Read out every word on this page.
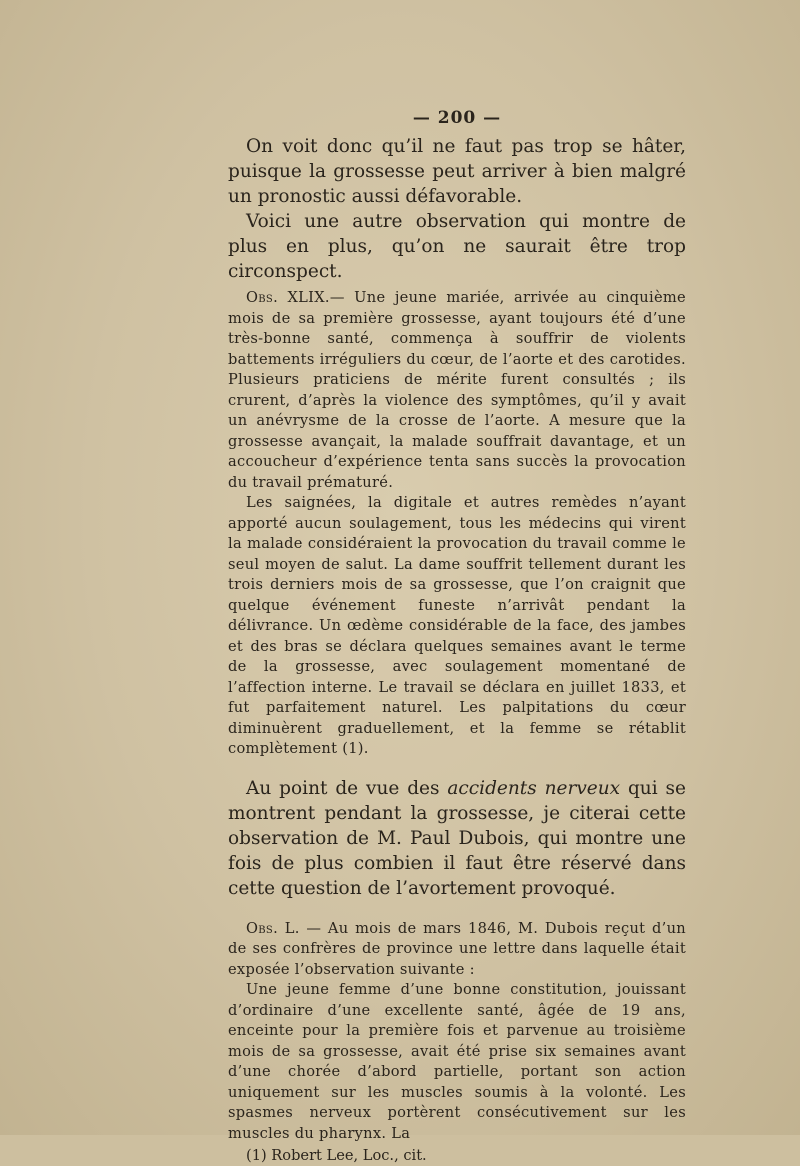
— 200 —

On voit donc qu’il ne faut pas trop se hâter, puisque la grossesse peut arriver à bien malgré un pronostic aussi défavorable.

Voici une autre observation qui montre de plus en plus, qu’on ne saurait être trop circonspect.

Obs. XLIX.— Une jeune mariée, arrivée au cinquième mois de sa première grossesse, ayant toujours été d’une très-bonne santé, commença à souffrir de violents battements irréguliers du cœur, de l’aorte et des carotides. Plusieurs praticiens de mérite furent consultés ; ils crurent, d’après la violence des symptômes, qu’il y avait un anévrysme de la crosse de l’aorte. A mesure que la grossesse avançait, la malade souffrait davantage, et un accoucheur d’expérience tenta sans succès la provocation du travail prématuré.

Les saignées, la digitale et autres remèdes n’ayant apporté aucun soulagement, tous les médecins qui virent la malade considéraient la provocation du travail comme le seul moyen de salut. La dame souffrit tellement durant les trois derniers mois de sa grossesse, que l’on craignit que quelque événement funeste n’arrivât pendant la délivrance. Un œdème considérable de la face, des jambes et des bras se déclara quelques semaines avant le terme de la grossesse, avec soulagement momentané de l’affection interne. Le travail se déclara en juillet 1833, et fut parfaitement naturel. Les palpitations du cœur diminuèrent graduellement, et la femme se rétablit complètement (1).

Au point de vue des accidents nerveux qui se montrent pendant la grossesse, je citerai cette observation de M. Paul Dubois, qui montre une fois de plus combien il faut être réservé dans cette question de l’avortement provoqué.

Obs. L. — Au mois de mars 1846, M. Dubois reçut d’un de ses confrères de province une lettre dans laquelle était exposée l’observation suivante :

Une jeune femme d’une bonne constitution, jouissant d’ordinaire d’une excellente santé, âgée de 19 ans, enceinte pour la première fois et parvenue au troisième mois de sa grossesse, avait été prise six semaines avant d’une chorée d’abord partielle, portant son action uniquement sur les muscles soumis à la volonté. Les spasmes nerveux portèrent consécutivement sur les muscles du pharynx. La

(1) Robert Lee, Loc., cit.
